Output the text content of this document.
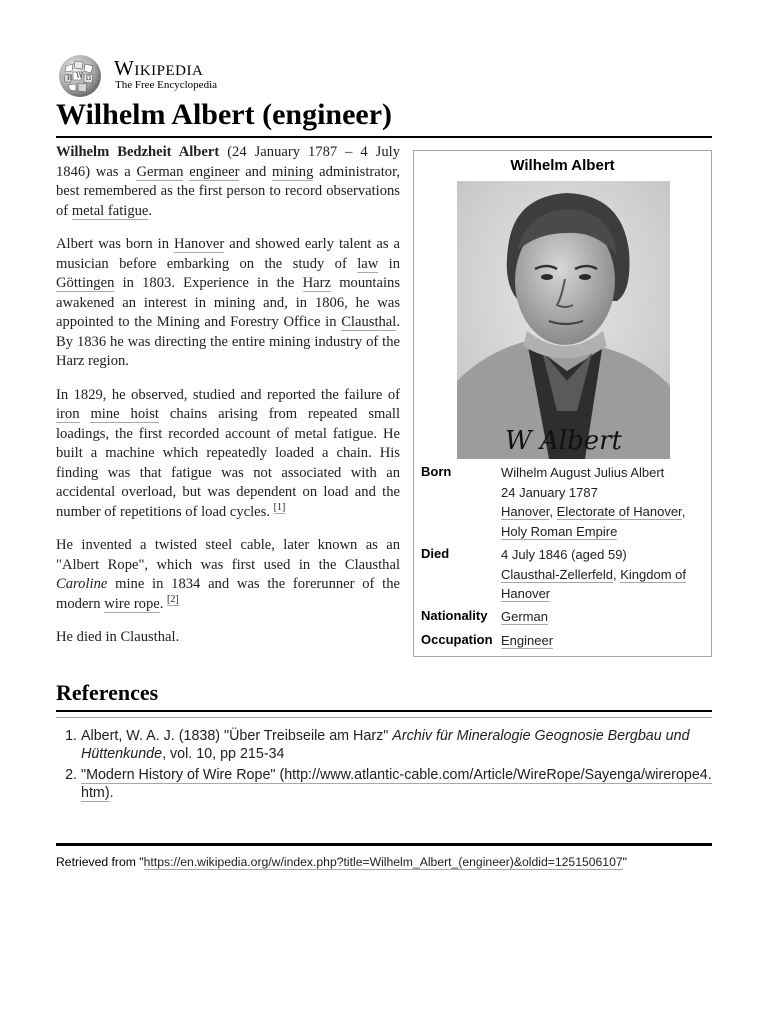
W Ω
И Wikipedia
The Free Encyclopedia
Wilhelm Albert (engineer)

Wilhelm Bedzheit Albert (24 January 1787 – 4 July 1846) was a German engineer and mining administrator, best remembered as the first person to record observations of metal fatigue.

Albert was born in Hanover and showed early talent as a musician before embarking on the study of law in Göttingen in 1803. Experience in the Harz mountains awakened an interest in mining and, in 1806, he was appointed to the Mining and Forestry Office in Clausthal. By 1836 he was directing the entire mining industry of the Harz region.

In 1829, he observed, studied and reported the failure of iron mine hoist chains arising from repeated small loadings, the first recorded account of metal fatigue. He built a machine which repeatedly loaded a chain. His finding was that fatigue was not associated with an accidental overload, but was dependent on load and the number of repetitions of load cycles. [1]

He invented a twisted steel cable, later known as an "Albert Rope", which was first used in the Clausthal Caroline mine in 1834 and was the forerunner of the modern wire rope. [2]

He died in Clausthal.

Wilhelm Albert
W Albert
Born	Wilhelm August Julius Albert
24 January 1787
Hanover, Electorate of Hanover,
Holy Roman Empire
Died	4 July 1846 (aged 59)
Clausthal-Zellerfeld, Kingdom of Hanover
Nationality German
Occupation Engineer
References
1. Albert, W. A. J. (1838) "Über Treibseile am Harz" Archiv für Mineralogie Geognosie Bergbau und Hüttenkunde, vol. 10, pp 215-34
2. "Modern History of Wire Rope" (http://www.atlantic-cable.com/Article/WireRope/Sayenga/wirerope4.htm).
Retrieved from "https://en.wikipedia.org/w/index.php?title=Wilhelm_Albert_(engineer)&oldid=1251506107"
